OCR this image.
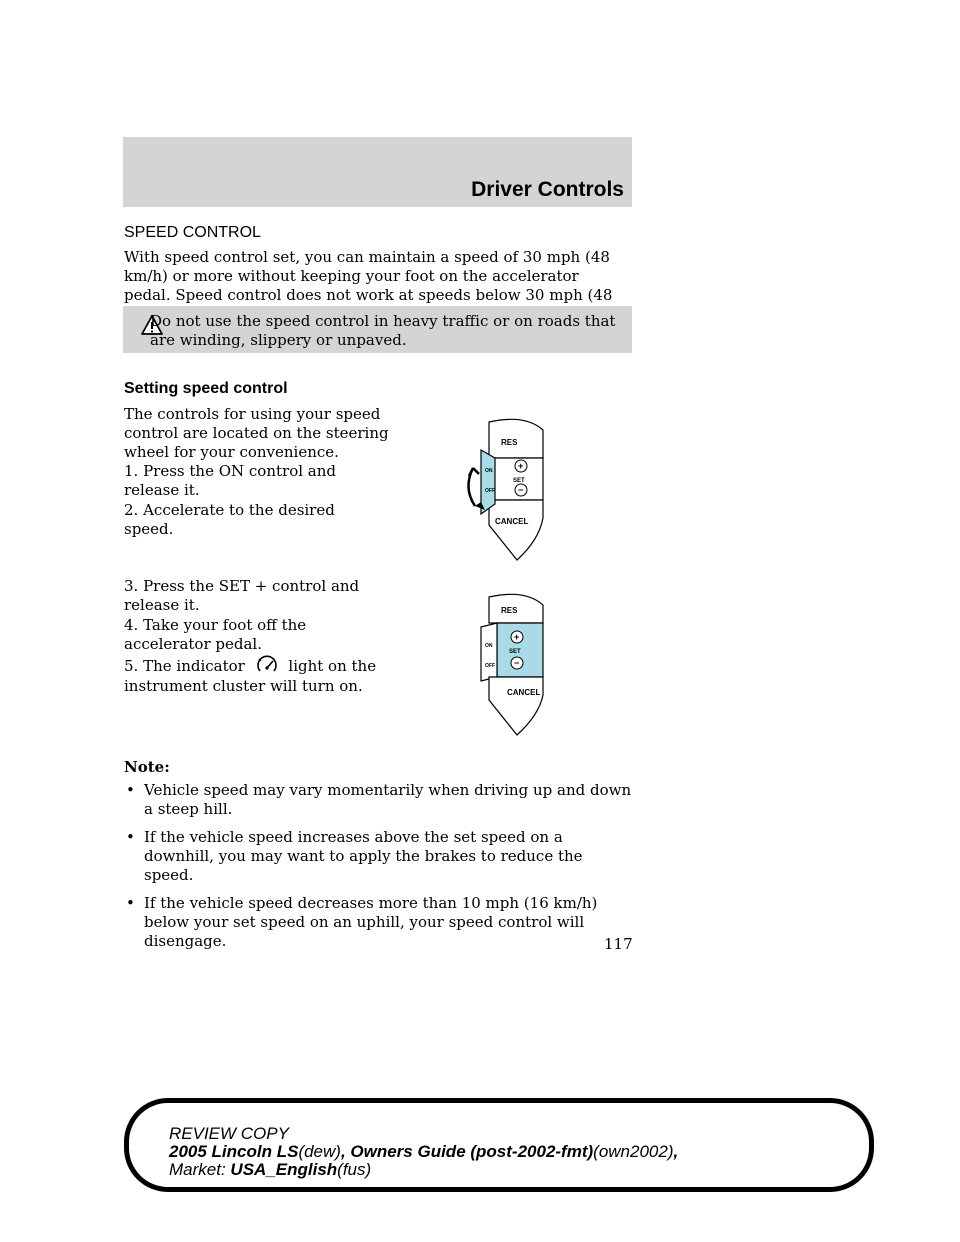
Driver Controls
SPEED CONTROL
With speed control set, you can maintain a speed of 30 mph (48 km/h) or more without keeping your foot on the accelerator pedal. Speed control does not work at speeds below 30 mph (48
Do not use the speed control in heavy traffic or on roads that are winding, slippery or unpaved.
Setting speed control
The controls for using your speed control are located on the steering wheel for your convenience.
1. Press the ON control and release it.
2. Accelerate to the desired speed.
3. Press the SET + control and release it.
4. Take your foot off the accelerator pedal.
5. The indicator	light on the instrument cluster will turn on.
RES
+
SET
−
CANCEL
ON
OFF
RES
+
SET
−
CANCEL
ON
OFF
Note:
• Vehicle speed may vary momentarily when driving up and down a steep hill.
• If the vehicle speed increases above the set speed on a downhill, you may want to apply the brakes to reduce the speed.
• If the vehicle speed decreases more than 10 mph (16 km/h) below your set speed on an uphill, your speed control will disengage.	117
REVIEW COPY
2005 Lincoln LS(dew), Owners Guide (post-2002-fmt)(own2002),
Market: USA_English(fus)
